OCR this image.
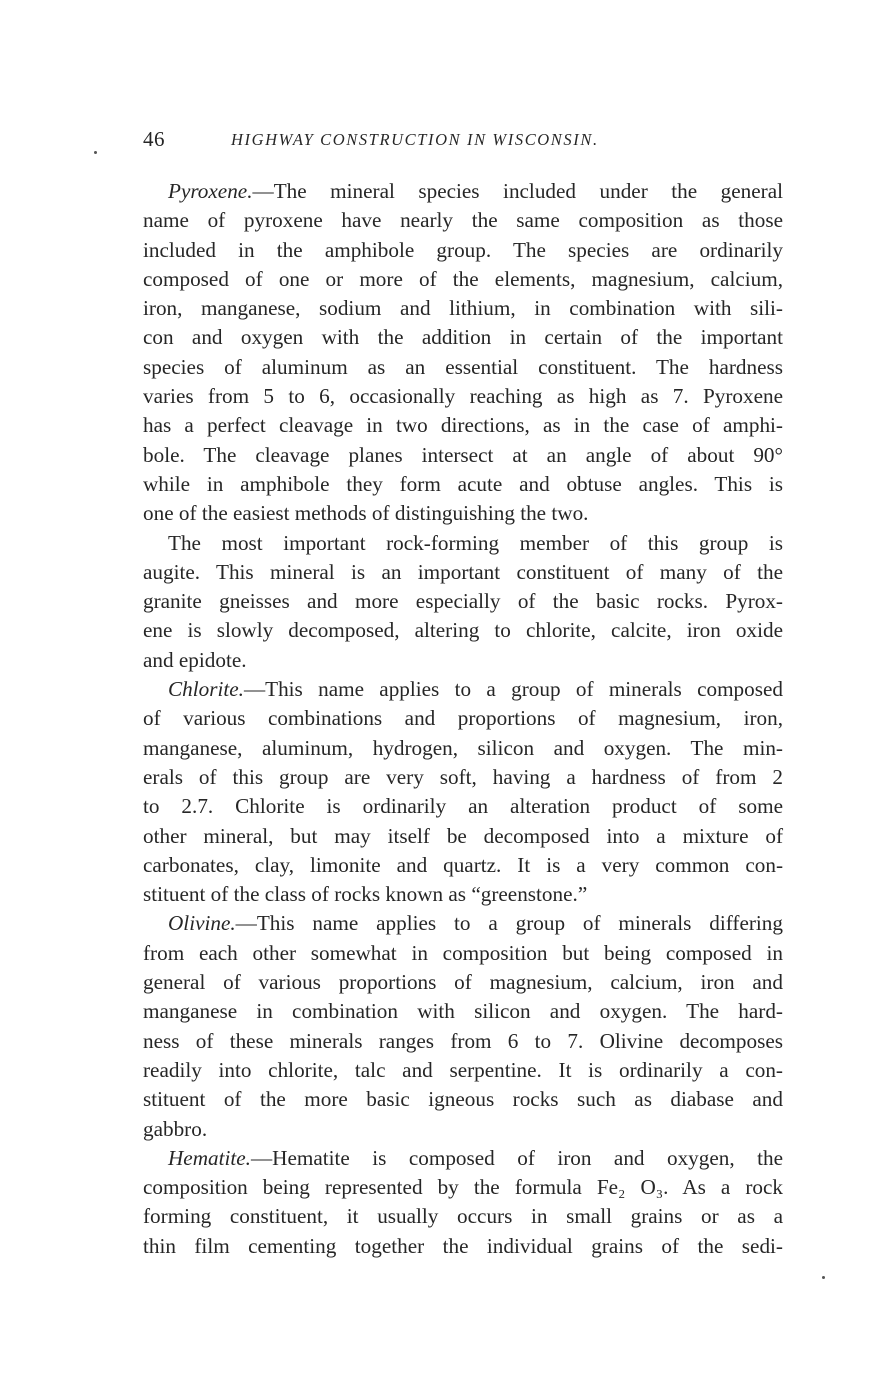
46	HIGHWAY CONSTRUCTION IN WISCONSIN.
Pyroxene.—The mineral species included under the general
name of pyroxene have nearly the same composition as those
included in the amphibole group. The species are ordinarily
composed of one or more of the elements, magnesium, calcium,
iron, manganese, sodium and lithium, in combination with sili-
con and oxygen with the addition in certain of the important
species of aluminum as an essential constituent. The hardness
varies from 5 to 6, occasionally reaching as high as 7. Pyroxene
has a perfect cleavage in two directions, as in the case of amphi-
bole. The cleavage planes intersect at an angle of about 90°
while in amphibole they form acute and obtuse angles. This is
one of the easiest methods of distinguishing the two.
The most important rock-forming member of this group is
augite. This mineral is an important constituent of many of the
granite gneisses and more especially of the basic rocks. Pyrox-
ene is slowly decomposed, altering to chlorite, calcite, iron oxide
and epidote.
Chlorite.—This name applies to a group of minerals composed
of various combinations and proportions of magnesium, iron,
manganese, aluminum, hydrogen, silicon and oxygen. The min-
erals of this group are very soft, having a hardness of from 2
to 2.7. Chlorite is ordinarily an alteration product of some
other mineral, but may itself be decomposed into a mixture of
carbonates, clay, limonite and quartz. It is a very common con-
stituent of the class of rocks known as “greenstone.”
Olivine.—This name applies to a group of minerals differing
from each other somewhat in composition but being composed in
general of various proportions of magnesium, calcium, iron and
manganese in combination with silicon and oxygen. The hard-
ness of these minerals ranges from 6 to 7. Olivine decomposes
readily into chlorite, talc and serpentine. It is ordinarily a con-
stituent of the more basic igneous rocks such as diabase and
gabbro.
Hematite.—Hematite is composed of iron and oxygen, the
composition being represented by the formula Fe₂ O₃. As a rock
forming constituent, it usually occurs in small grains or as a
thin film cementing together the individual grains of the sedi-
